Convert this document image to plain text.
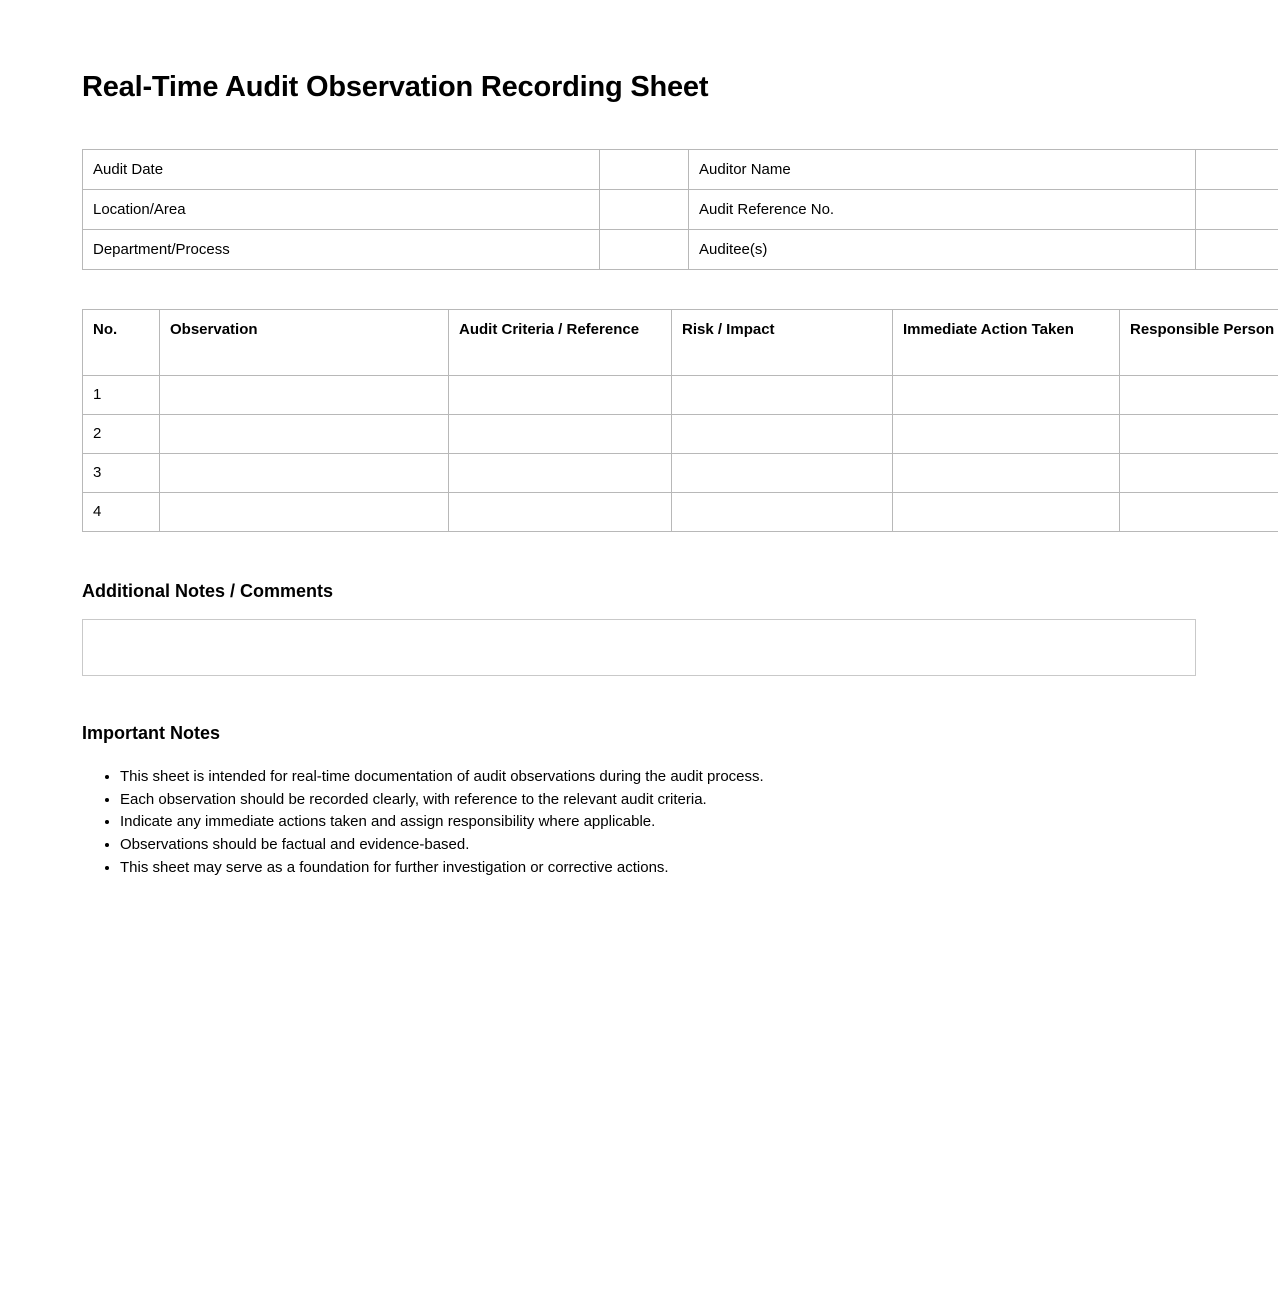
Real-Time Audit Observation Recording Sheet
Audit Date		Auditor Name	
Location/Area		Audit Reference No.	
Department/Process		Auditee(s)	
No.	Observation	Audit Criteria / Reference	Risk / Impact	Immediate Action Taken	Responsible Person
1					
2					
3					
4					
Additional Notes / Comments
Important Notes
• This sheet is intended for real-time documentation of audit observations during the audit process.
• Each observation should be recorded clearly, with reference to the relevant audit criteria.
• Indicate any immediate actions taken and assign responsibility where applicable.
• Observations should be factual and evidence-based.
• This sheet may serve as a foundation for further investigation or corrective actions.
